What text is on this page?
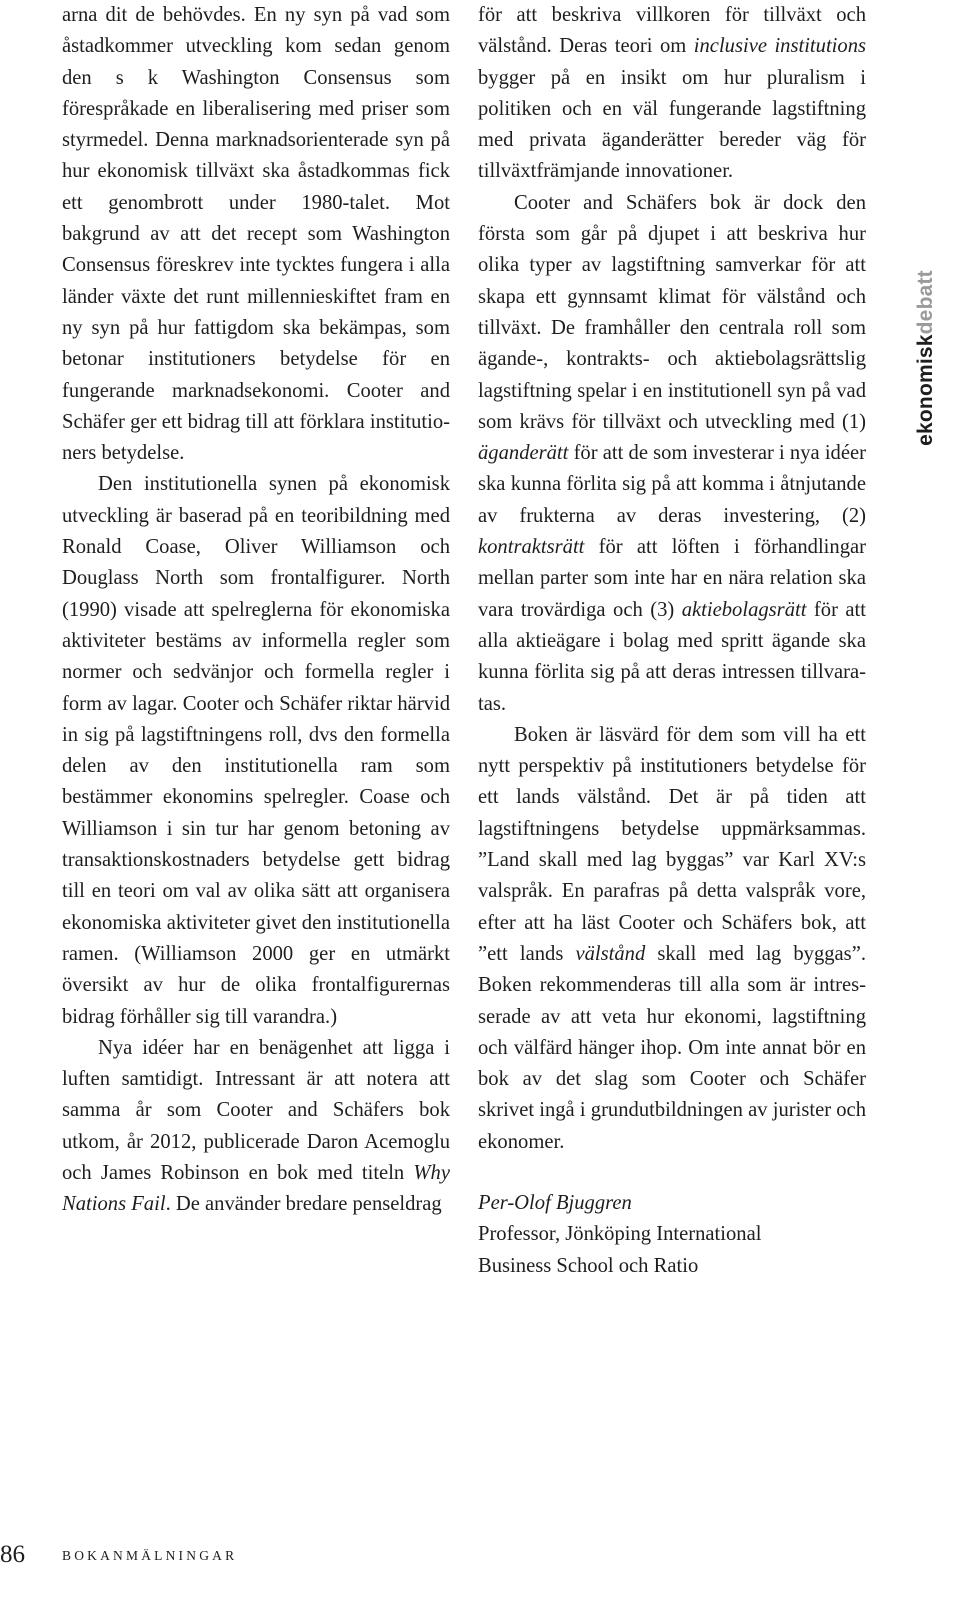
arna dit de behövdes. En ny syn på vad som åstadkommer utveckling kom sedan genom den s k Washington Consensus som förespråkade en liberalisering med priser som styrmedel. Denna marknadsorienterade syn på hur ekonomisk tillväxt ska åstadkommas fick ett genombrott under 1980-talet. Mot bakgrund av att det recept som Washington Consensus föreskrev inte tycktes fungera i alla länder växte det runt millennieskiftet fram en ny syn på hur fattigdom ska bekämpas, som betonar institutioners betydelse för en fungerande marknadsekonomi. Cooter and Schäfer ger ett bidrag till att förklara institutioners betydelse.

Den institutionella synen på ekonomisk utveckling är baserad på en teoribildning med Ronald Coase, Oliver Williamson och Douglass North som frontalfigurer. North (1990) visade att spelreglerna för ekonomiska aktiviteter bestäms av informella regler som normer och sedvänjor och formella regler i form av lagar. Cooter och Schäfer riktar härvid in sig på lagstiftningens roll, dvs den formella delen av den institutionella ram som bestämmer ekonomins spelregler. Coase och Williamson i sin tur har genom betoning av transaktionskostnaders betydelse gett bidrag till en teori om val av olika sätt att organisera ekonomiska aktiviteter givet den institutionella ramen. (Williamson 2000 ger en utmärkt översikt av hur de olika frontalfigurernas bidrag förhåller sig till varandra.)

Nya idéer har en benägenhet att ligga i luften samtidigt. Intressant är att notera att samma år som Cooter and Schäfers bok utkom, år 2012, publicerade Daron Acemoglu och James Robinson en bok med titeln Why Nations Fail. De använder bredare penseldrag

för att beskriva villkoren för tillväxt och välstånd. Deras teori om inclusive institutions bygger på en insikt om hur pluralism i politiken och en väl fungerande lagstiftning med privata äganderätter bereder väg för tillväxtfrämjande innovationer.

Cooter and Schäfers bok är dock den första som går på djupet i att beskriva hur olika typer av lagstiftning samverkar för att skapa ett gynnsamt klimat för välstånd och tillväxt. De framhåller den centrala roll som ägande-, kontrakts- och aktiebolagsrättslig lagstiftning spelar i en institutionell syn på vad som krävs för tillväxt och utveckling med (1) äganderätt för att de som investerar i nya idéer ska kunna förlita sig på att komma i åtnjutande av frukterna av deras investering, (2) kontraktsrätt för att löften i förhandlingar mellan parter som inte har en nära relation ska vara trovärdiga och (3) aktiebolagsrätt för att alla aktieägare i bolag med spritt ägande ska kunna förlita sig på att deras intressen tillvaratas.

Boken är läsvärd för dem som vill ha ett nytt perspektiv på institutioners betydelse för ett lands välstånd. Det är på tiden att lagstiftningens betydelse uppmärksammas. ”Land skall med lag byggas” var Karl XV:s valspråk. En parafras på detta valspråk vore, efter att ha läst Cooter och Schäfers bok, att ”ett lands välstånd skall med lag byggas”. Boken rekommenderas till alla som är intresserade av att veta hur ekonomi, lagstiftning och välfärd hänger ihop. Om inte annat bör en bok av det slag som Cooter och Schäfer skrivet ingå i grundutbildningen av jurister och ekonomer.

Per-Olof Bjuggren

Professor, Jönköping International

Business School och Ratio

ekonomiskdebatt
86	BOKANMÄLNINGAR
